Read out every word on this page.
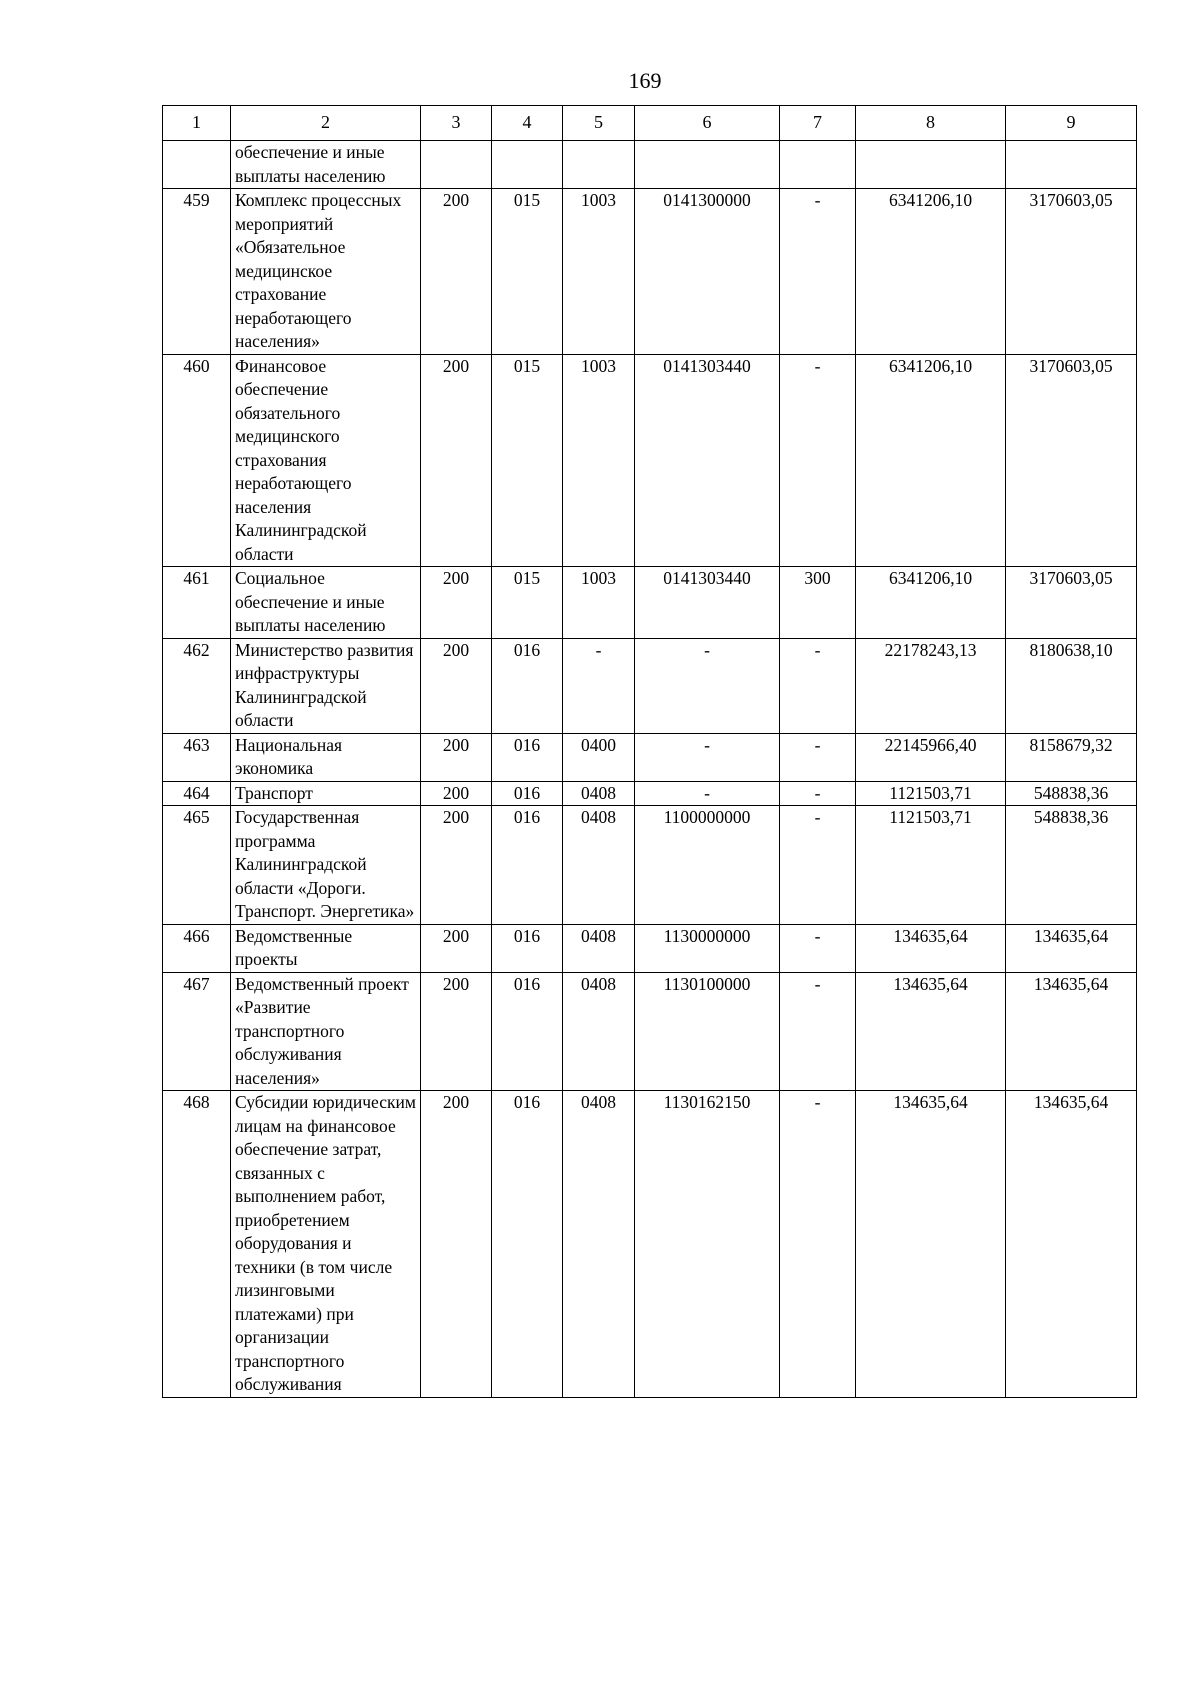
169
1	2	3	4	5	6	7	8	9
	обеспечение и иные выплаты населению							
459	Комплекс процессных мероприятий «Обязательное медицинское страхование неработающего населения»	200	015	1003	0141300000	-	6341206,10	3170603,05
460	Финансовое обеспечение обязательного медицинского страхования неработающего населения Калининградской области	200	015	1003	0141303440	-	6341206,10	3170603,05
461	Социальное обеспечение и иные выплаты населению	200	015	1003	0141303440	300	6341206,10	3170603,05
462	Министерство развития инфраструктуры Калининградской области	200	016	-	-	-	22178243,13	8180638,10
463	Национальная экономика	200	016	0400	-	-	22145966,40	8158679,32
464	Транспорт	200	016	0408	-	-	1121503,71	548838,36
465	Государственная программа Калининградской области «Дороги. Транспорт. Энергетика»	200	016	0408	1100000000	-	1121503,71	548838,36
466	Ведомственные проекты	200	016	0408	1130000000	-	134635,64	134635,64
467	Ведомственный проект «Развитие транспортного обслуживания населения»	200	016	0408	1130100000	-	134635,64	134635,64
468	Субсидии юридическим лицам на финансовое обеспечение затрат, связанных с выполнением работ, приобретением оборудования и техники (в том числе лизинговыми платежами) при организации транспортного обслуживания	200	016	0408	1130162150	-	134635,64	134635,64
